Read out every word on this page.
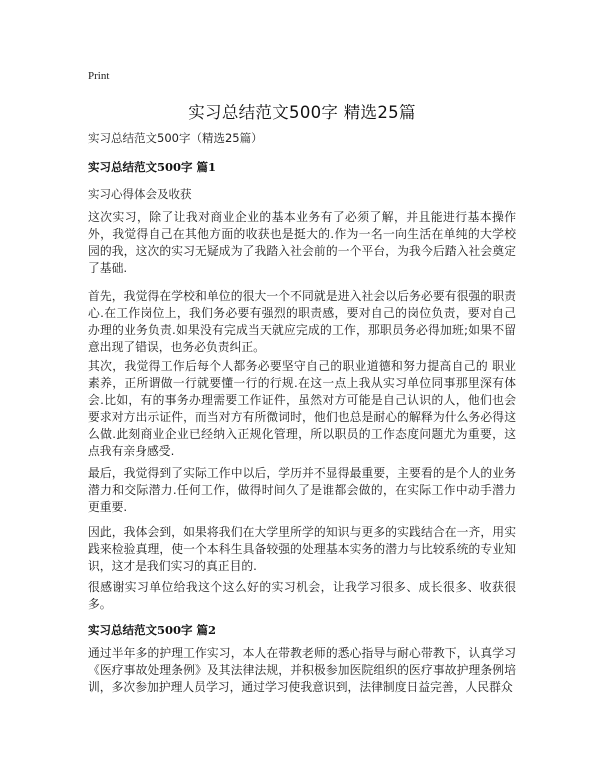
Print
实习总结范文500字 精选25篇
实习总结范文500字（精选25篇）
实习总结范文500字 篇1
实习心得体会及收获

这次实习，除了让我对商业企业的基本业务有了必须了解，并且能进行基本操作外，我觉得自己在其他方面的收获也是挺大的.作为一名一向生活在单纯的大学校园的我，这次的实习无疑成为了我踏入社会前的一个平台，为我今后踏入社会奠定了基础.

首先，我觉得在学校和单位的很大一个不同就是进入社会以后务必要有很强的职责心.在工作岗位上，我们务必要有强烈的职责感，要对自己的岗位负责，要对自己办理的业务负责.如果没有完成当天就应完成的工作，那职员务必得加班;如果不留意出现了错误，也务必负责纠正。

其次，我觉得工作后每个人都务必要坚守自己的职业道德和努力提高自己的 职业素养，正所谓做一行就要懂一行的行规.在这一点上我从实习单位同事那里深有体会.比如，有的事务办理需要工作证件，虽然对方可能是自己认识的人，他们也会要求对方出示证件，而当对方有所微词时，他们也总是耐心的解释为什么务必得这么做.此刻商业企业已经纳入正规化管理，所以职员的工作态度问题尤为重要，这点我有亲身感受.

最后，我觉得到了实际工作中以后，学历并不显得最重要，主要看的是个人的业务潜力和交际潜力.任何工作，做得时间久了是谁都会做的，在实际工作中动手潜力更重要.

因此，我体会到，如果将我们在大学里所学的知识与更多的实践结合在一齐，用实践来检验真理，使一个本科生具备较强的处理基本实务的潜力与比较系统的专业知识，这才是我们实习的真正目的.

很感谢实习单位给我这个这么好的实习机会，让我学习很多、成长很多、收获很多。

实习总结范文500字 篇2

通过半年多的护理工作实习，本人在带教老师的悉心指导与耐心带教下，认真学习《医疗事故处理条例》及其法律法规，并积极参加医院组织的医疗事故护理条例培训，多次参加护理人员学习，通过学习使我意识到，法律制度日益完善，人民群众
